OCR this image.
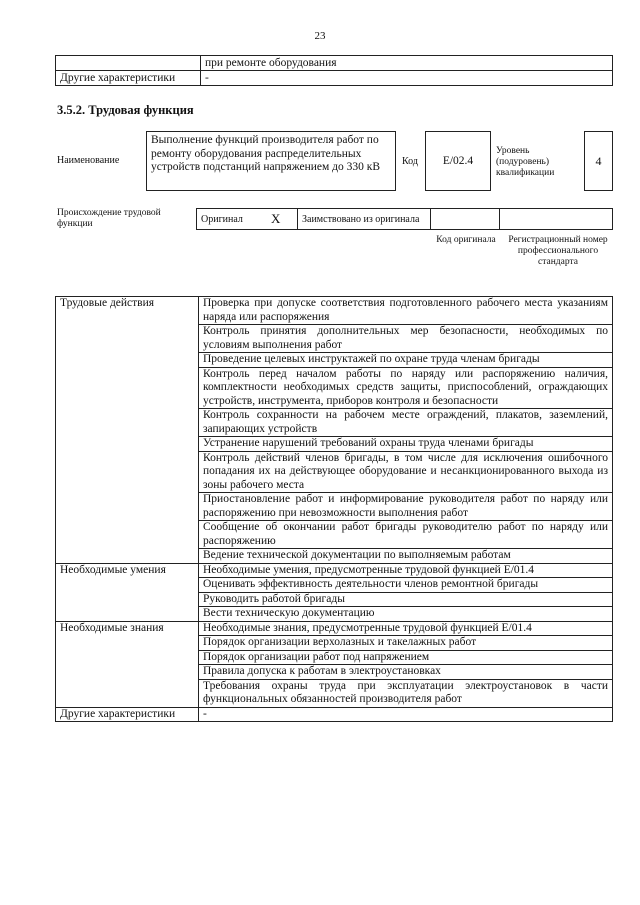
23
	при ремонте оборудования
Другие характеристики	-
3.5.2. Трудовая функция
Наименование
Выполнение функций производителя работ по ремонту оборудования распределительных устройств подстанций напряжением до 330 кВ	Код	E/02.4
Уровень (подуровень) квалификации
4
Происхождение трудовой функции	Оригинал	X	Заимствовано из оригинала		
Код оригинала Регистрационный номер профессионального стандарта
Трудовые действия	Проверка при допуске соответствия подготовленного рабочего места указаниям наряда или распоряжения
	Контроль принятия дополнительных мер безопасности, необходимых по условиям выполнения работ
	Проведение целевых инструктажей по охране труда членам бригады
	Контроль перед началом работы по наряду или распоряжению наличия, комплектности необходимых средств защиты, приспособлений, ограждающих устройств, инструмента, приборов контроля и безопасности
	Контроль сохранности на рабочем месте ограждений, плакатов, заземлений, запирающих устройств
	Устранение нарушений требований охраны труда членами бригады
	Контроль действий членов бригады, в том числе для исключения ошибочного попадания их на действующее оборудование и несанкционированного выхода из зоны рабочего места
	Приостановление работ и информирование руководителя работ по наряду или распоряжению при невозможности выполнения работ
	Сообщение об окончании работ бригады руководителю работ по наряду или распоряжению
	Ведение технической документации по выполняемым работам
Необходимые умения	Необходимые умения, предусмотренные трудовой функцией E/01.4
	Оценивать эффективность деятельности членов ремонтной бригады
	Руководить работой бригады
	Вести техническую документацию
Необходимые знания	Необходимые знания, предусмотренные трудовой функцией E/01.4
	Порядок организации верхолазных и такелажных работ
	Порядок организации работ под напряжением
	Правила допуска к работам в электроустановках
	Требования охраны труда при эксплуатации электроустановок в части функциональных обязанностей производителя работ
Другие характеристики	-
